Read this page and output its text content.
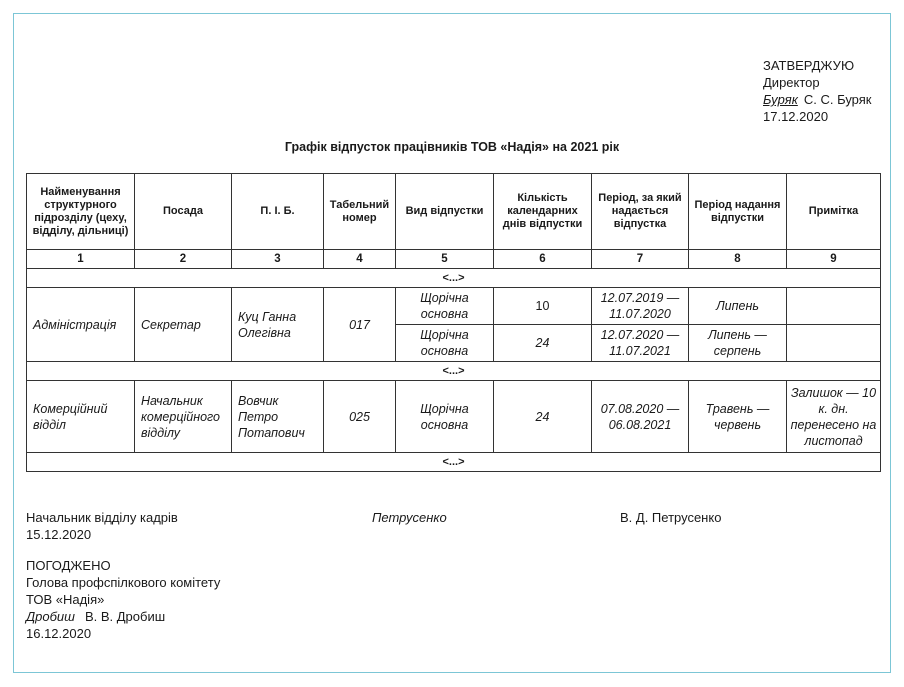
ЗАТВЕРДЖУЮ
Директор
Буряк С. С. Буряк
17.12.2020
Графік відпусток працівників ТОВ «Надія» на 2021 рік
Найменування структурного підрозділу (цеху, відділу, дільниці)	Посада	П. І. Б.	Табельний номер	Вид відпустки	Кількість календарних днів відпустки	Період, за який надається відпустка	Період надання відпустки	Примітка
1	2	3	4	5	6	7	8	9
<...>								
Адміністрація	Секретар	Куц Ганна Олегівна	017	Щорічна основна	10	12.07.2019 — 11.07.2020	Липень	
				Щорічна основна	24	12.07.2020 — 11.07.2021	Липень — серпень	
<...>								
Комерційний відділ	Начальник комерційного відділу	Вовчик Петро Потапович	025	Щорічна основна	24	07.08.2020 — 06.08.2021	Травень — червень	Залишок — 10 к. дн. перенесено на листопад
<...>								
Начальник відділу кадрів	Петрусенко	В. Д. Петрусенко
15.12.2020
ПОГОДЖЕНО
Голова профспілкового комітету
ТОВ «Надія»
Дробиш В. В. Дробиш
16.12.2020
